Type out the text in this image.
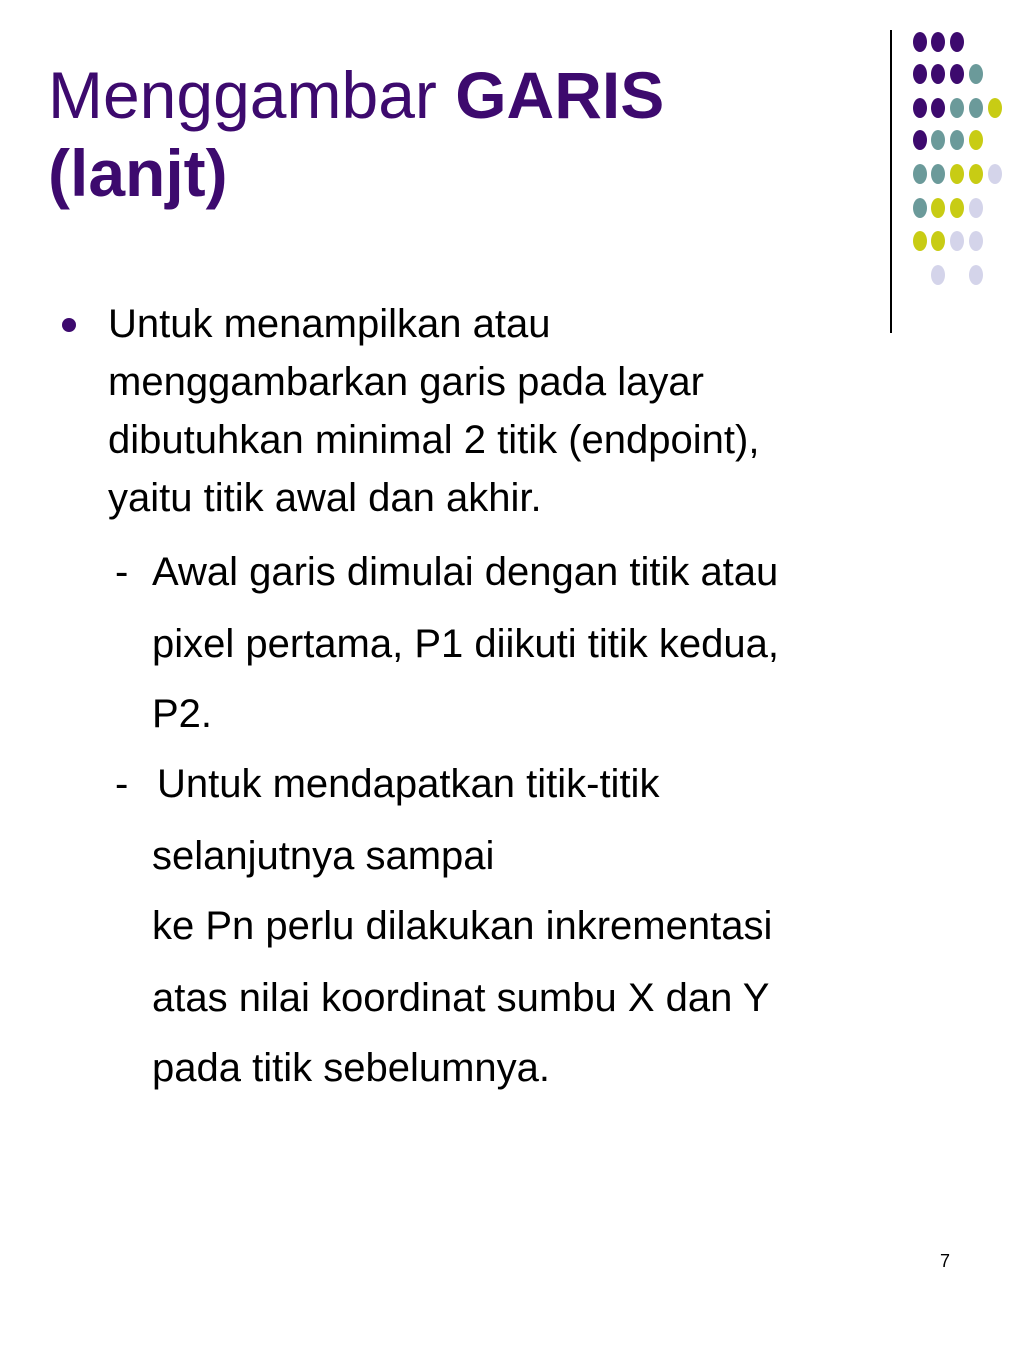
Menggambar GARIS
(lanjt)
Untuk menampilkan atau
menggambarkan garis pada layar
dibutuhkan minimal 2 titik (endpoint),
yaitu titik awal dan akhir.
- Awal garis dimulai dengan titik atau
pixel pertama, P1 diikuti titik kedua,
P2.
- Untuk mendapatkan titik-titik
selanjutnya sampai
ke Pn perlu dilakukan inkrementasi
atas nilai koordinat sumbu X dan Y
pada titik sebelumnya.
7
